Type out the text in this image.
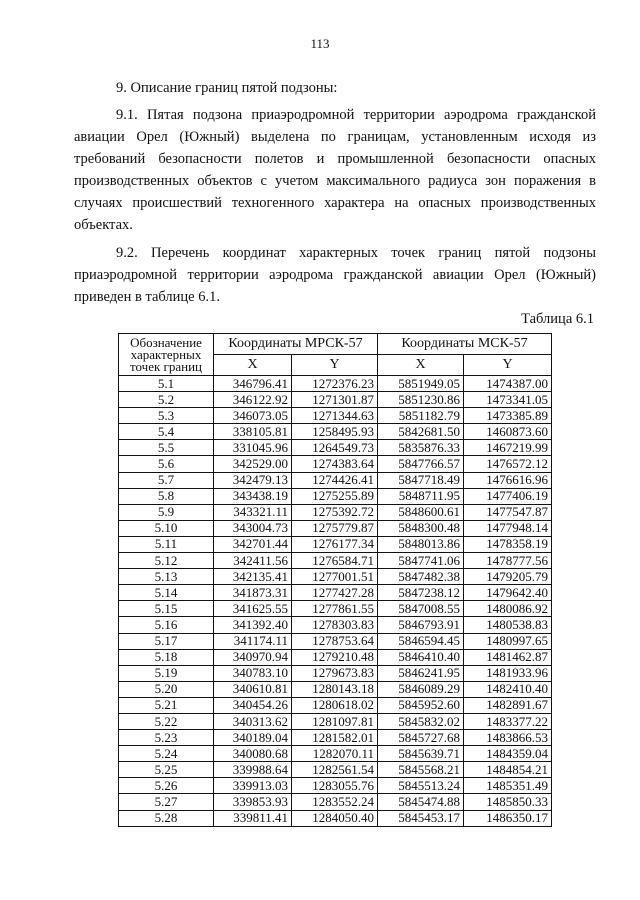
113
9. Описание границ пятой подзоны:
9.1. Пятая подзона приаэродромной территории аэродрома гражданской авиации Орел (Южный) выделена по границам, установленным исходя из требований безопасности полетов и промышленной безопасности опасных производственных объектов с учетом максимального радиуса зон поражения в случаях происшествий техногенного характера на опасных производственных объектах.
9.2. Перечень координат характерных точек границ пятой подзоны приаэродромной территории аэродрома гражданской авиации Орел (Южный) приведен в таблице 6.1.
Таблица 6.1
Обозначение характерных точек границ	Координаты МРСК-57		Координаты МСК-57	
	X	Y	X	Y
5.1	346796.41	1272376.23	5851949.05	1474387.00
5.2	346122.92	1271301.87	5851230.86	1473341.05
5.3	346073.05	1271344.63	5851182.79	1473385.89
5.4	338105.81	1258495.93	5842681.50	1460873.60
5.5	331045.96	1264549.73	5835876.33	1467219.99
5.6	342529.00	1274383.64	5847766.57	1476572.12
5.7	342479.13	1274426.41	5847718.49	1476616.96
5.8	343438.19	1275255.89	5848711.95	1477406.19
5.9	343321.11	1275392.72	5848600.61	1477547.87
5.10	343004.73	1275779.87	5848300.48	1477948.14
5.11	342701.44	1276177.34	5848013.86	1478358.19
5.12	342411.56	1276584.71	5847741.06	1478777.56
5.13	342135.41	1277001.51	5847482.38	1479205.79
5.14	341873.31	1277427.28	5847238.12	1479642.40
5.15	341625.55	1277861.55	5847008.55	1480086.92
5.16	341392.40	1278303.83	5846793.91	1480538.83
5.17	341174.11	1278753.64	5846594.45	1480997.65
5.18	340970.94	1279210.48	5846410.40	1481462.87
5.19	340783.10	1279673.83	5846241.95	1481933.96
5.20	340610.81	1280143.18	5846089.29	1482410.40
5.21	340454.26	1280618.02	5845952.60	1482891.67
5.22	340313.62	1281097.81	5845832.02	1483377.22
5.23	340189.04	1281582.01	5845727.68	1483866.53
5.24	340080.68	1282070.11	5845639.71	1484359.04
5.25	339988.64	1282561.54	5845568.21	1484854.21
5.26	339913.03	1283055.76	5845513.24	1485351.49
5.27	339853.93	1283552.24	5845474.88	1485850.33
5.28	339811.41	1284050.40	5845453.17	1486350.17
